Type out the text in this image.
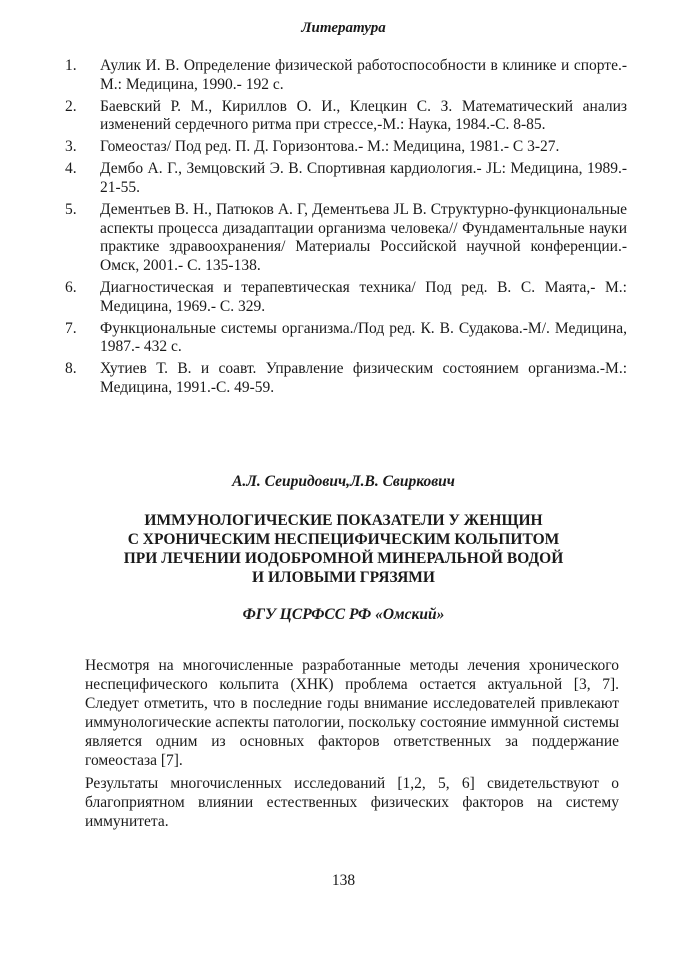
Литература
1. Аулик И. В. Определение физической работоспособности в клинике и спорте.-М.: Медицина, 1990.- 192 с.
2. Баевский Р. М., Кириллов О. И., Клецкин С. З. Математический анализ изменений сердечного ритма при стрессе,-М.: Наука, 1984.-С. 8-85.
3. Гомеостаз/ Под ред. П. Д. Горизонтова.- М.: Медицина, 1981.- С 3-27.
4. Дембо А. Г., Земцовский Э. В. Спортивная кардиология.- JL: Медицина, 1989.- 21-55.
5. Дементьев В. Н., Патюков А. Г, Дементьева JL В. Структурно-функциональные аспекты процесса дизадаптации организма человека// Фундаментальные науки практике здравоохранения/ Материалы Российской научной конференции.- Омск, 2001.- С. 135-138.
6. Диагностическая и терапевтическая техника/ Под ред. В. С. Маята,- М.: Медицина, 1969.- С. 329.
7. Функциональные системы организма./Под ред. К. В. Судакова.-М/. Медицина, 1987.- 432 с.
8. Хутиев Т. В. и соавт. Управление физическим состоянием организма.-М.: Медицина, 1991.-С. 49-59.
А.Л. Сеиридович,Л.В. Свиркович
ИММУНОЛОГИЧЕСКИЕ ПОКАЗАТЕЛИ У ЖЕНЩИН
С ХРОНИЧЕСКИМ НЕСПЕЦИФИЧЕСКИМ КОЛЬПИТОМ
ПРИ ЛЕЧЕНИИ ИОДОБРОМНОЙ МИНЕРАЛЬНОЙ ВОДОЙ
И ИЛОВЫМИ ГРЯЗЯМИ
ФГУ ЦСРФСС РФ «Омский»

Несмотря на многочисленные разработанные методы лечения хронического неспецифического кольпита (ХНК) проблема остается актуальной [3, 7]. Следует отметить, что в последние годы внимание исследователей привлекают иммунологические аспекты патологии, поскольку состояние иммунной системы является одним из основных факторов ответственных за поддержание гомеостаза [7].

Результаты многочисленных исследований [1,2, 5, 6] свидетельствуют о благоприятном влиянии естественных физических факторов на систему иммунитета.

138
